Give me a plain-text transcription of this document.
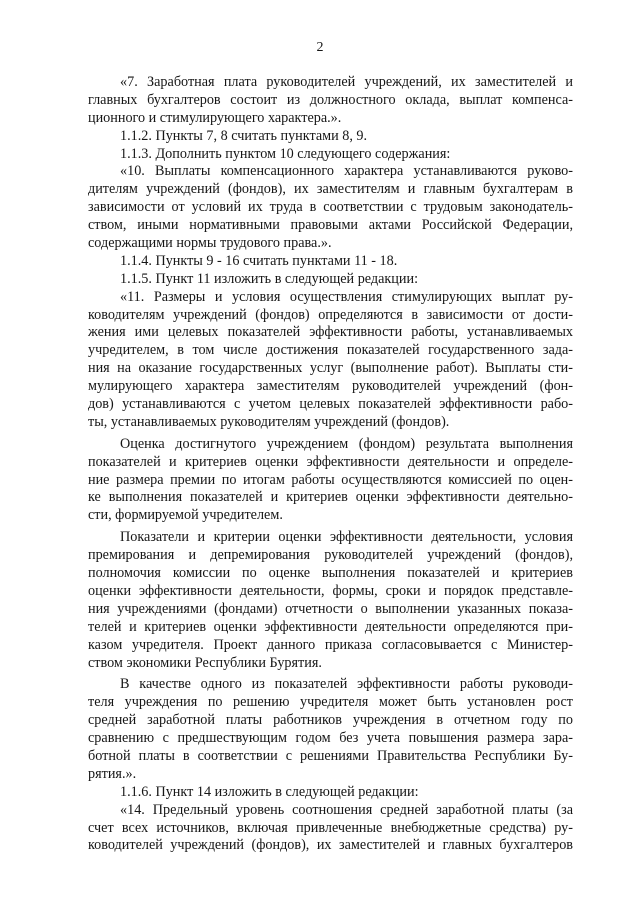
2
«7. Заработная плата руководителей учреждений, их заместителей и
главных бухгалтеров состоит из должностного оклада, выплат компенса-
ционного и стимулирующего характера.».
1.1.2. Пункты 7, 8 считать пунктами 8, 9.
1.1.3. Дополнить пунктом 10 следующего содержания:
«10. Выплаты компенсационного характера устанавливаются руково-
дителям учреждений (фондов), их заместителям и главным бухгалтерам в
зависимости от условий их труда в соответствии с трудовым законодатель-
ством, иными нормативными правовыми актами Российской Федерации,
содержащими нормы трудового права.».
1.1.4. Пункты 9 - 16 считать пунктами 11 - 18.
1.1.5. Пункт 11 изложить в следующей редакции:
«11. Размеры и условия осуществления стимулирующих выплат ру-
ководителям учреждений (фондов) определяются в зависимости от дости-
жения ими целевых показателей эффективности работы, устанавливаемых
учредителем, в том числе достижения показателей государственного зада-
ния на оказание государственных услуг (выполнение работ). Выплаты сти-
мулирующего характера заместителям руководителей учреждений (фон-
дов) устанавливаются с учетом целевых показателей эффективности рабо-
ты, устанавливаемых руководителям учреждений (фондов).
Оценка достигнутого учреждением (фондом) результата выполнения
показателей и критериев оценки эффективности деятельности и определе-
ние размера премии по итогам работы осуществляются комиссией по оцен-
ке выполнения показателей и критериев оценки эффективности деятельно-
сти, формируемой учредителем.
Показатели и критерии оценки эффективности деятельности, условия
премирования и депремирования руководителей учреждений (фондов),
полномочия комиссии по оценке выполнения показателей и критериев
оценки эффективности деятельности, формы, сроки и порядок представле-
ния учреждениями (фондами) отчетности о выполнении указанных показа-
телей и критериев оценки эффективности деятельности определяются при-
казом учредителя. Проект данного приказа согласовывается с Министер-
ством экономики Республики Бурятия.
В качестве одного из показателей эффективности работы руководи-
теля учреждения по решению учредителя может быть установлен рост
средней заработной платы работников учреждения в отчетном году по
сравнению с предшествующим годом без учета повышения размера зара-
ботной платы в соответствии с решениями Правительства Республики Бу-
рятия.».
1.1.6. Пункт 14 изложить в следующей редакции:
«14. Предельный уровень соотношения средней заработной платы (за
счет всех источников, включая привлеченные внебюджетные средства) ру-
ководителей учреждений (фондов), их заместителей и главных бухгалтеров
